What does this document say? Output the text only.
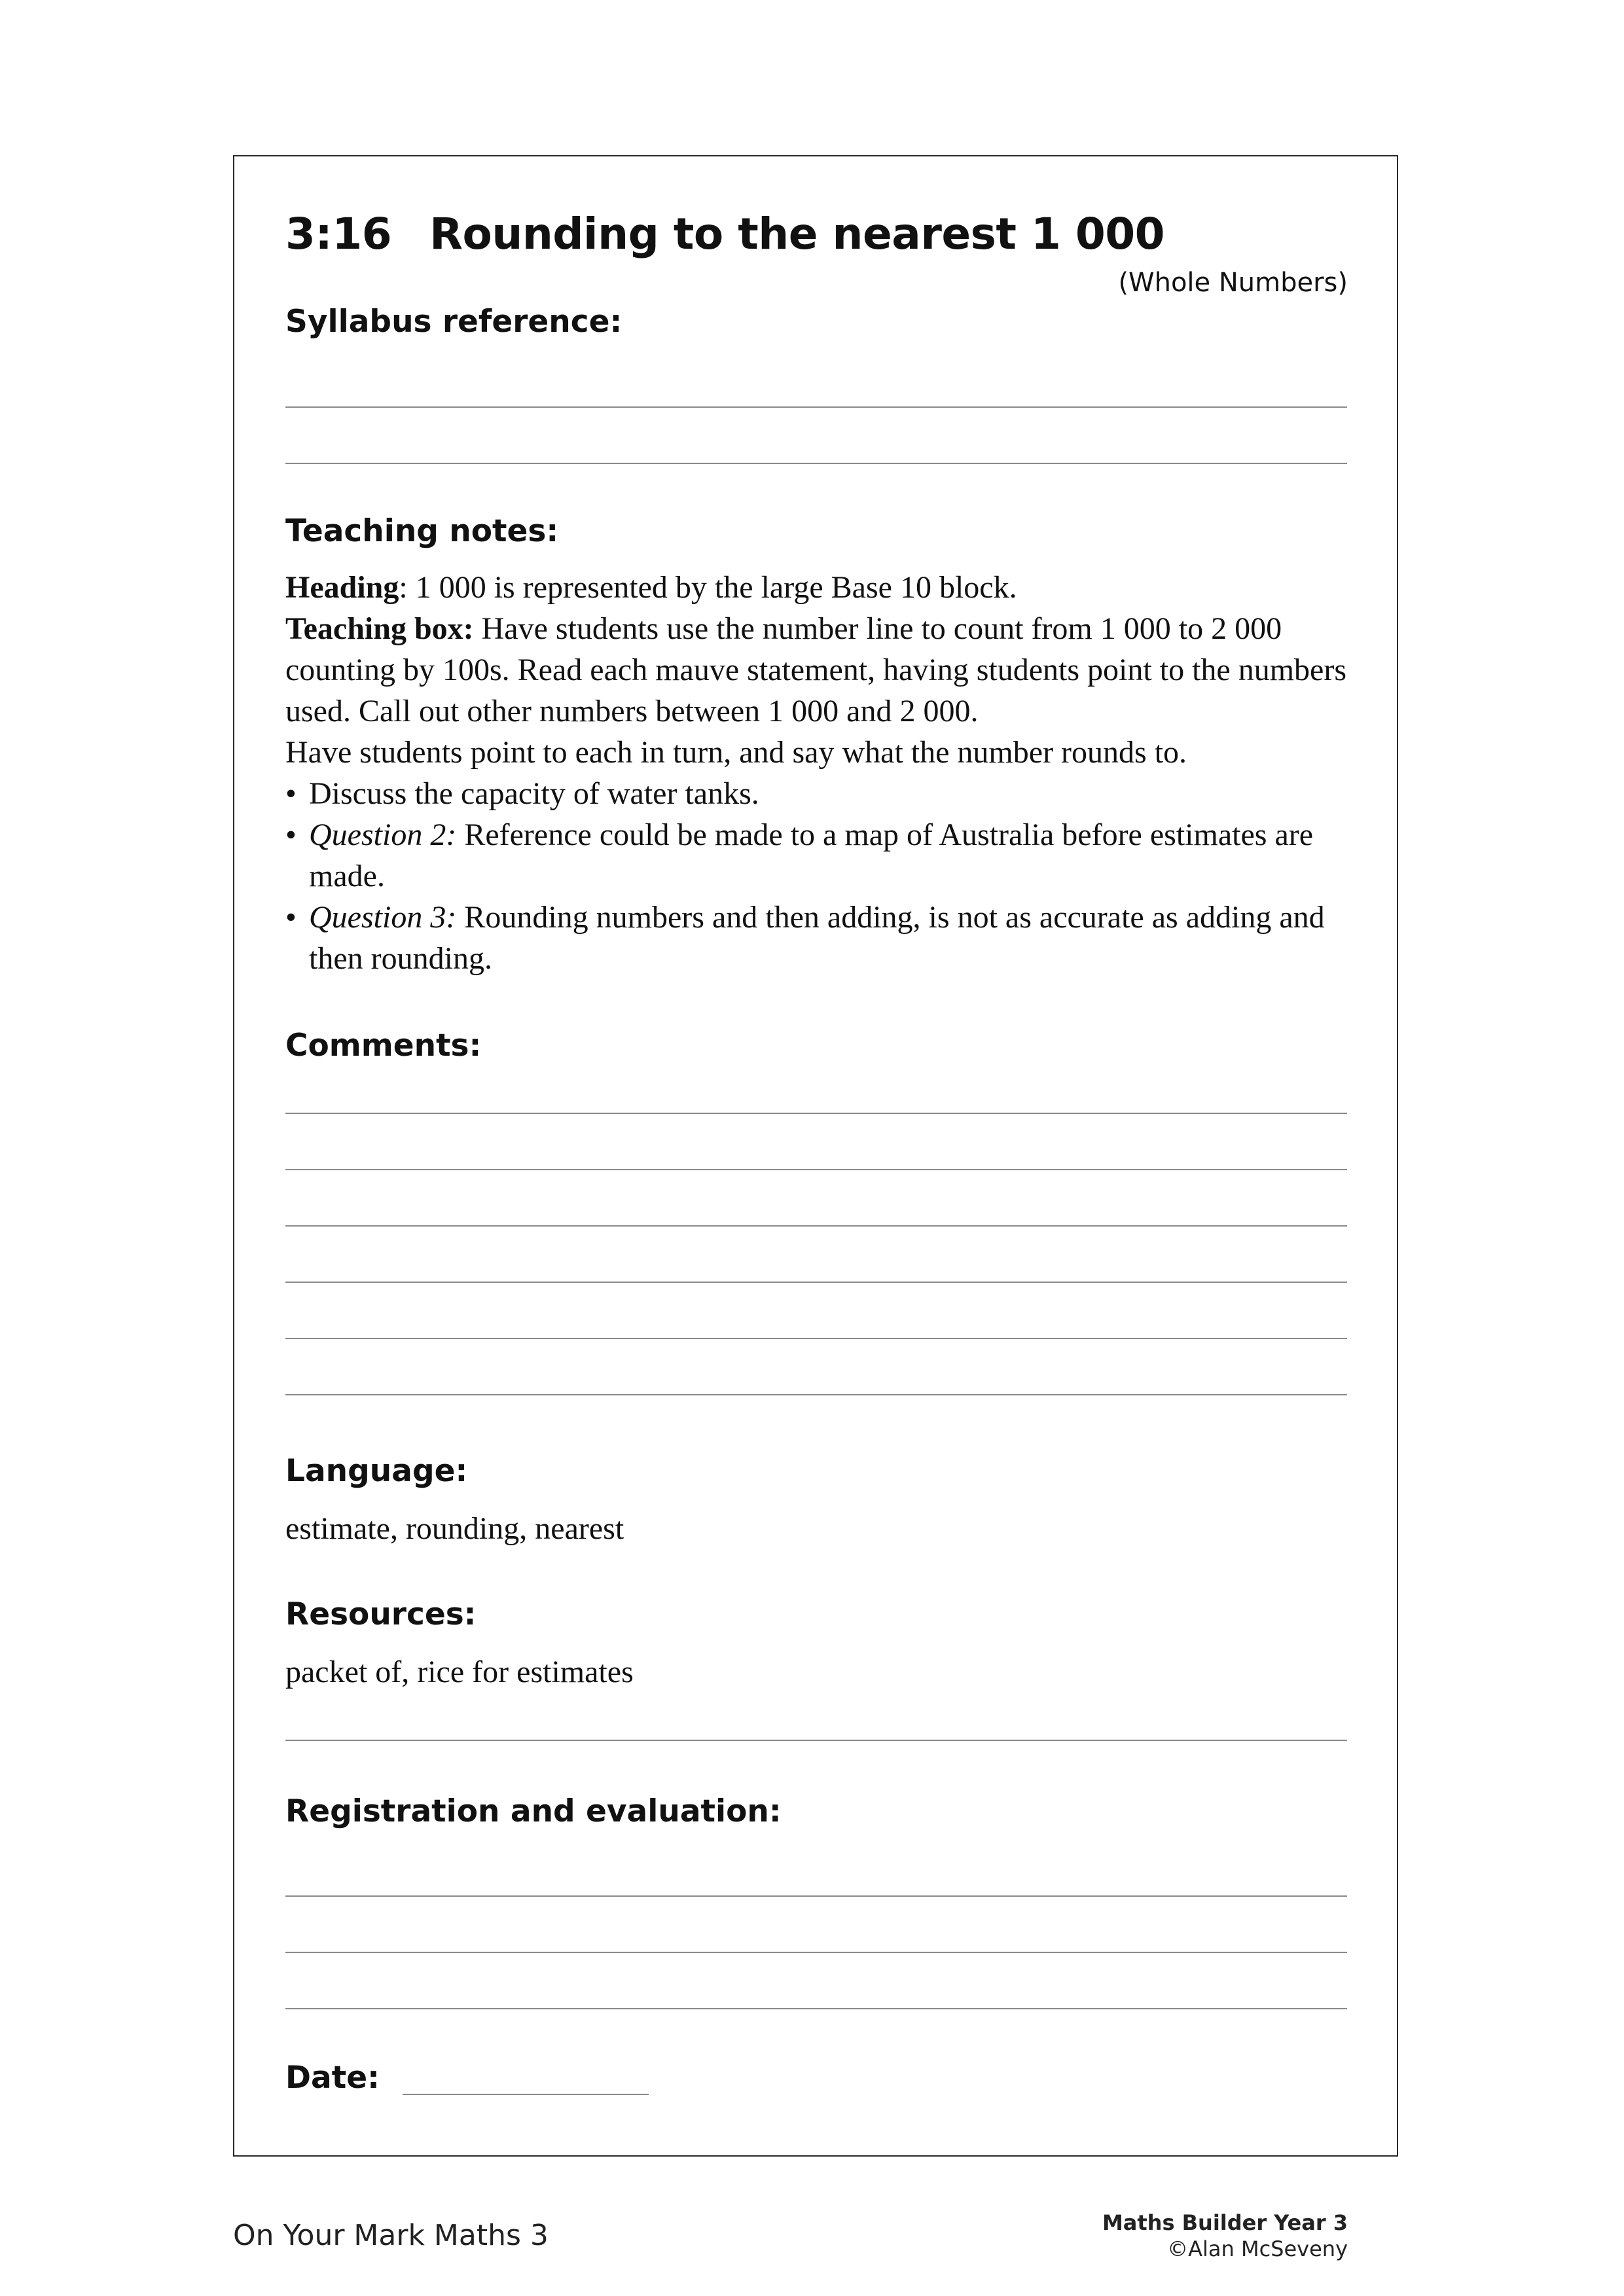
3:16 Rounding to the nearest 1 000
(Whole Numbers)
Syllabus reference:
Teaching notes:

Heading: 1 000 is represented by the large Base 10 block.

Teaching box: Have students use the number line to count from 1 000 to 2 000 counting by 100s. Read each mauve statement, having students point to the numbers used. Call out other numbers between 1 000 and 2 000.

Have students point to each in turn, and say what the number rounds to.

• Discuss the capacity of water tanks.
• Question 2: Reference could be made to a map of Australia before estimates are made.
• Question 3: Rounding numbers and then adding, is not as accurate as adding and then rounding.
Comments:
Language:
estimate, rounding, nearest
Resources:
packet of, rice for estimates
Registration and evaluation:
Date:
On Your Mark Maths 3	Maths Builder Year 3
©Alan McSeveny
